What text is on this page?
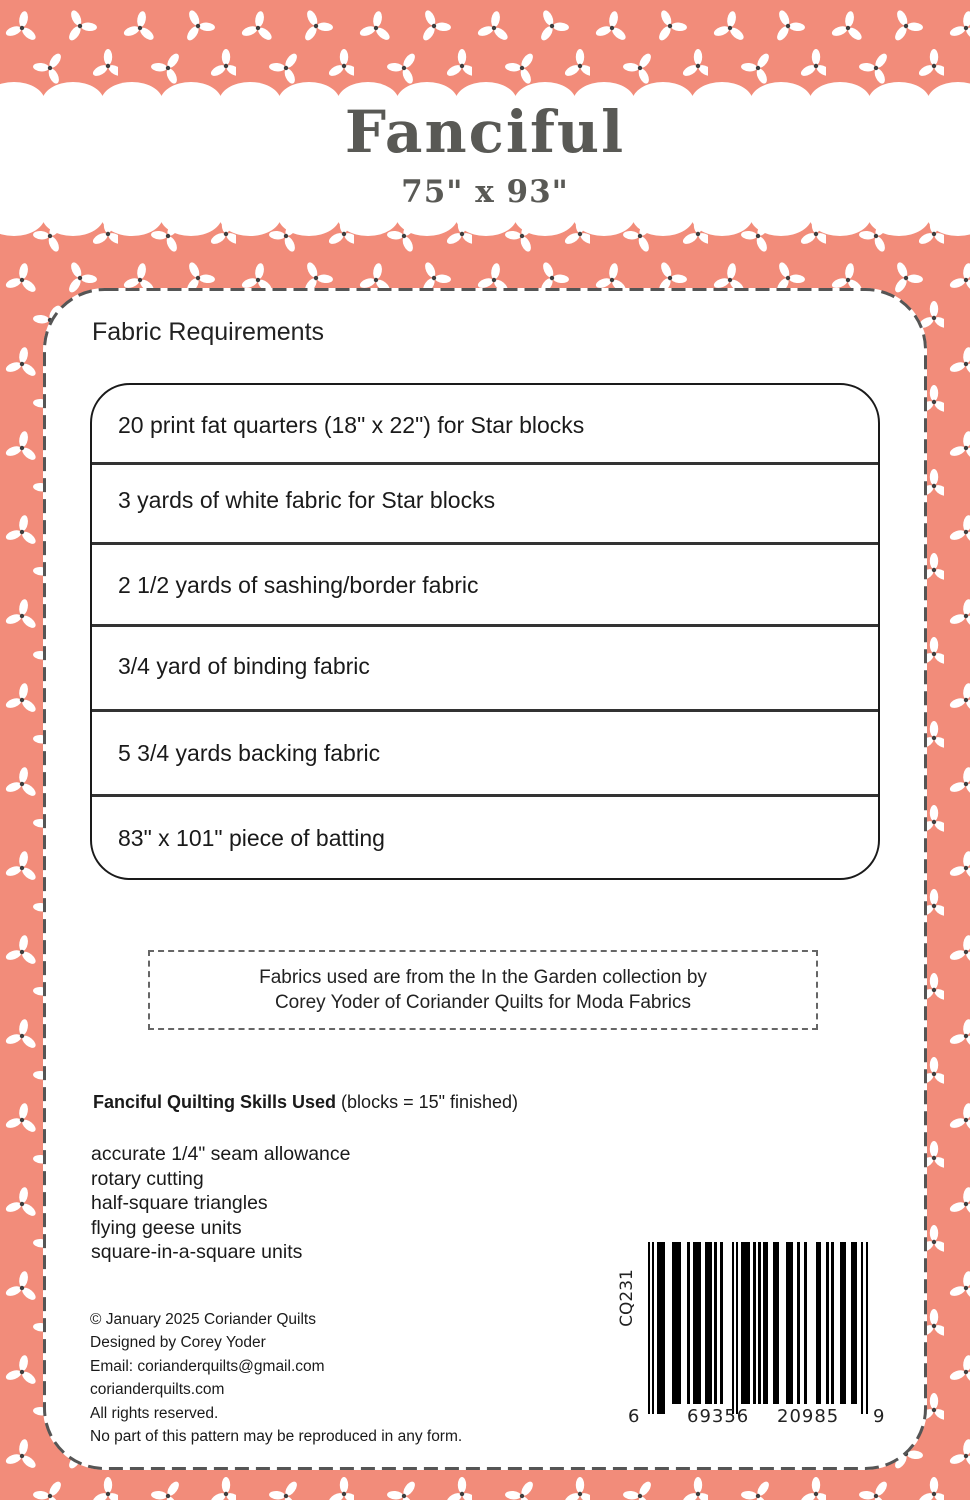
Fanciful
75" x 93"
Fabric Requirements
20 print fat quarters (18" x 22") for Star blocks
3 yards of white fabric for Star blocks
2 1/2 yards of sashing/border fabric
3/4 yard of binding fabric
5 3/4 yards backing fabric
83" x 101" piece of batting
Fabrics used are from the In the Garden collection by
Corey Yoder of Coriander Quilts for Moda Fabrics
Fanciful Quilting Skills Used (blocks = 15" finished)
accurate 1/4" seam allowance
rotary cutting
half-square triangles
flying geese units
square-in-a-square units
© January 2025 Coriander Quilts
Designed by Corey Yoder
Email: corianderquilts@gmail.com
corianderquilts.com
All rights reserved.
No part of this pattern may be reproduced in any form.
CQ231
6	69356 20985 9
